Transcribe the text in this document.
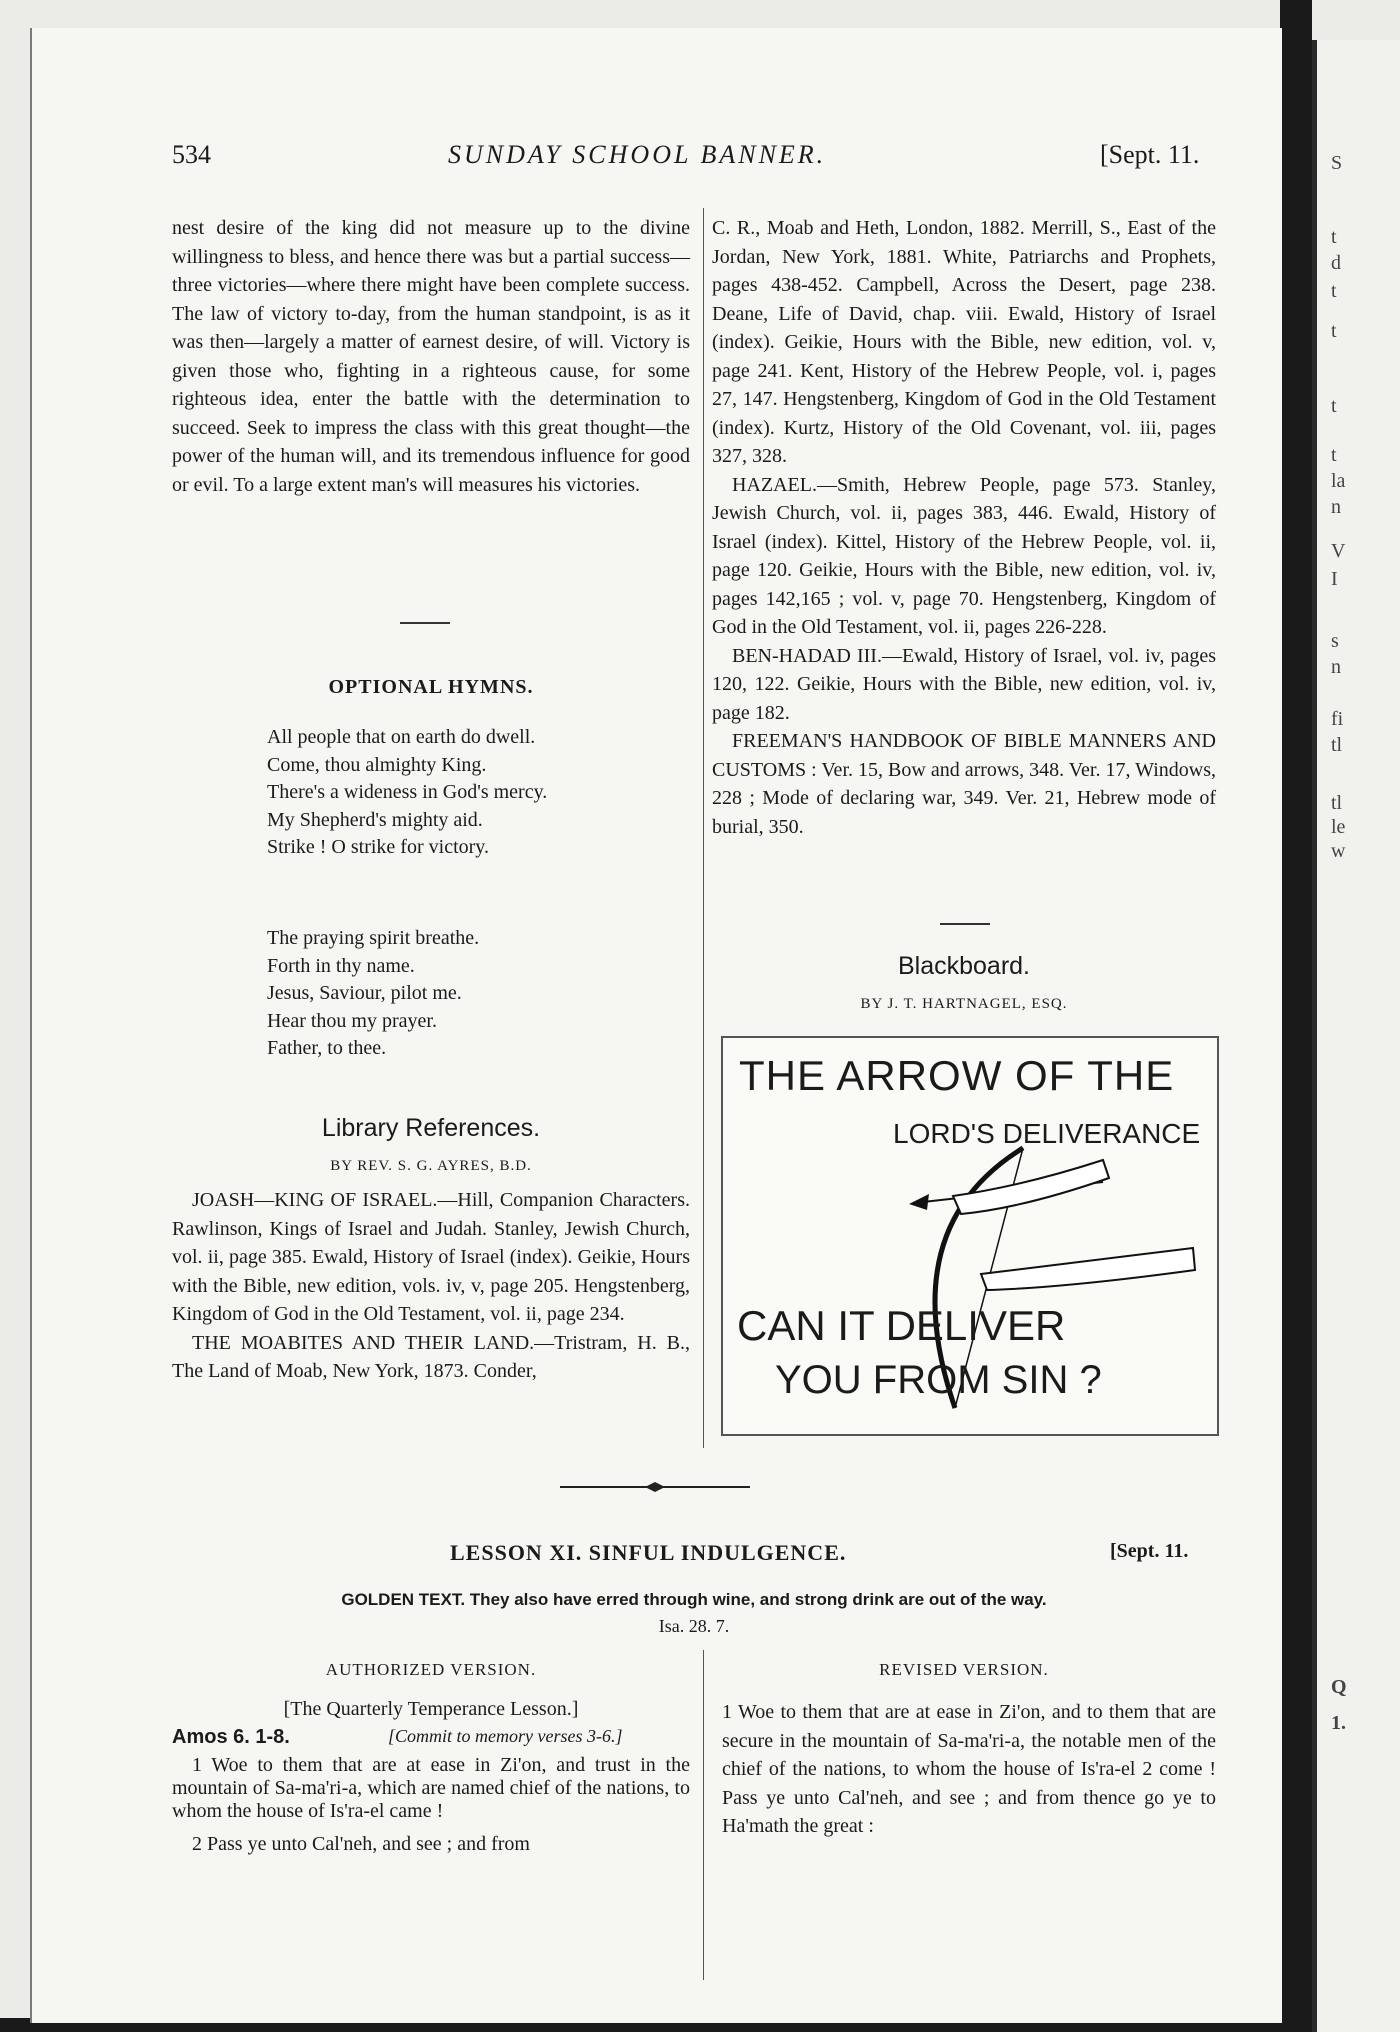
S
t
d
t
t
t
t
la
n
V
I
s
n
fi
tl
tl
le
w
Q
1.
534	SUNDAY SCHOOL BANNER.	[Sept. 11.

nest desire of the king did not measure up to the divine willingness to bless, and hence there was but a partial success—three victories—where there might have been complete success. The law of victory to-day, from the human standpoint, is as it was then—largely a matter of earnest desire, of will. Victory is given those who, fighting in a righteous cause, for some righteous idea, enter the battle with the determination to succeed. Seek to impress the class with this great thought—the power of the human will, and its tremendous influence for good or evil. To a large extent man's will measures his victories.

OPTIONAL HYMNS.
All people that on earth do dwell.
Come, thou almighty King.
There's a wideness in God's mercy.
My Shepherd's mighty aid.
Strike ! O strike for victory.
The praying spirit breathe.
Forth in thy name.
Jesus, Saviour, pilot me.
Hear thou my prayer.
Father, to thee.
Library References.
BY REV. S. G. AYRES, B.D.

JOASH—KING OF ISRAEL.—Hill, Companion Characters. Rawlinson, Kings of Israel and Judah. Stanley, Jewish Church, vol. ii, page 385. Ewald, History of Israel (index). Geikie, Hours with the Bible, new edition, vols. iv, v, page 205. Hengstenberg, Kingdom of God in the Old Testament, vol. ii, page 234.

THE MOABITES AND THEIR LAND.—Tristram, H. B., The Land of Moab, New York, 1873. Conder,

C. R., Moab and Heth, London, 1882. Merrill, S., East of the Jordan, New York, 1881. White, Patriarchs and Prophets, pages 438-452. Campbell, Across the Desert, page 238. Deane, Life of David, chap. viii. Ewald, History of Israel (index). Geikie, Hours with the Bible, new edition, vol. v, page 241. Kent, History of the Hebrew People, vol. i, pages 27, 147. Hengstenberg, Kingdom of God in the Old Testament (index). Kurtz, History of the Old Covenant, vol. iii, pages 327, 328.

HAZAEL.—Smith, Hebrew People, page 573. Stanley, Jewish Church, vol. ii, pages 383, 446. Ewald, History of Israel (index). Kittel, History of the Hebrew People, vol. ii, page 120. Geikie, Hours with the Bible, new edition, vol. iv, pages 142,165 ; vol. v, page 70. Hengstenberg, Kingdom of God in the Old Testament, vol. ii, pages 226-228.

BEN-HADAD III.—Ewald, History of Israel, vol. iv, pages 120, 122. Geikie, Hours with the Bible, new edition, vol. iv, page 182.

FREEMAN'S HANDBOOK OF BIBLE MANNERS AND CUSTOMS : Ver. 15, Bow and arrows, 348. Ver. 17, Windows, 228 ; Mode of declaring war, 349. Ver. 21, Hebrew mode of burial, 350.

Blackboard.
BY J. T. HARTNAGEL, ESQ.
THE ARROW OF THE
LORD'S DELIVERANCE
CAN IT DELIVER
YOU FROM SIN ?
LESSON XI. SINFUL INDULGENCE.	[Sept. 11.
GOLDEN TEXT. They also have erred through wine, and strong drink are out of the way.
Isa. 28. 7.
AUTHORIZED VERSION.
[The Quarterly Temperance Lesson.]
Amos 6. 1-8.	[Commit to memory verses 3-6.]

1 Woe to them that are at ease in Zi'on, and trust in the mountain of Sa-ma'ri-a, which are named chief of the nations, to whom the house of Is'ra-el came !

2 Pass ye unto Cal'neh, and see ; and from

REVISED VERSION.

1 Woe to them that are at ease in Zi'on, and to them that are secure in the mountain of Sa-ma'ri-a, the notable men of the chief of the nations, to whom the house of Is'ra-el 2 come ! Pass ye unto Cal'neh, and see ; and from thence go ye to Ha'math the great :
